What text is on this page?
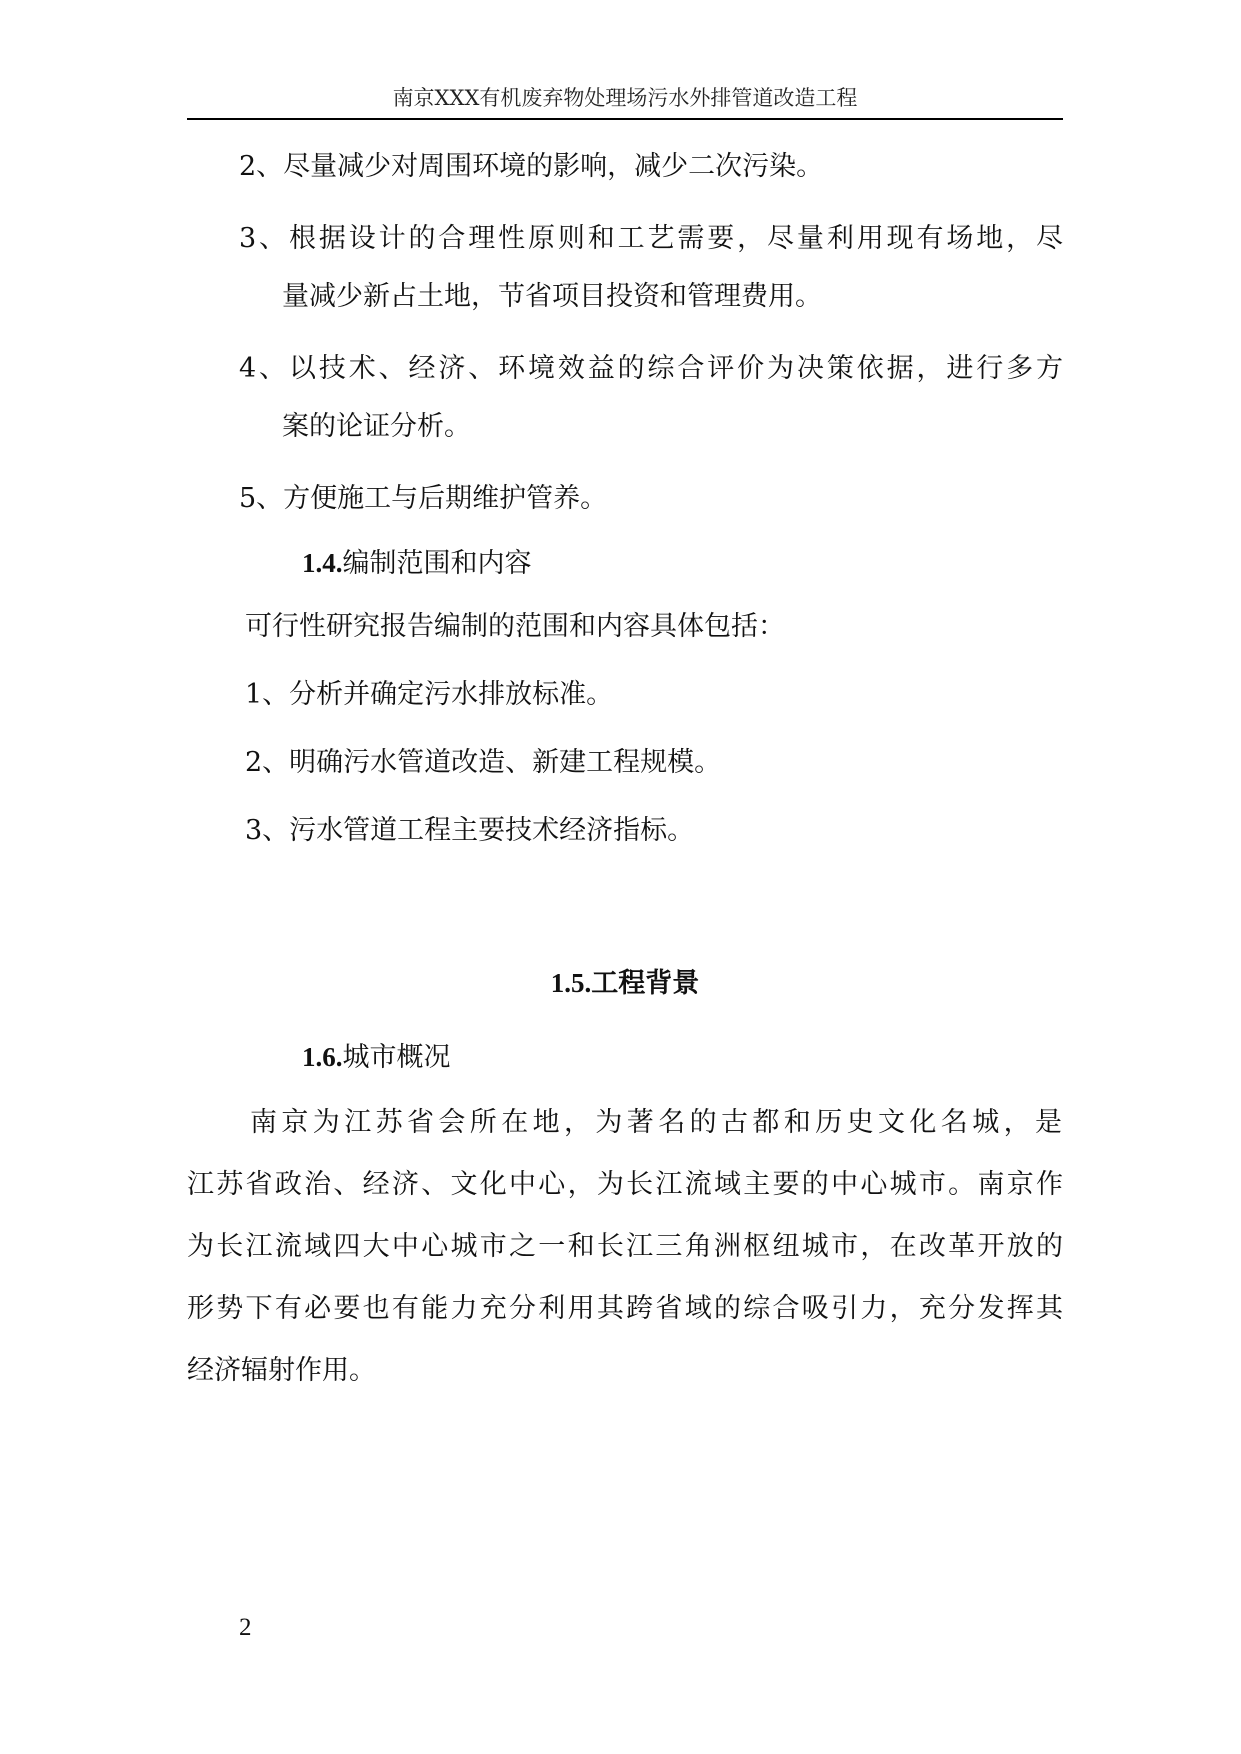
南京XXX有机废弃物处理场污水外排管道改造工程
2、尽量减少对周围环境的影响，减少二次污染。
3、根据设计的合理性原则和工艺需要，尽量利用现有场地，尽
量减少新占土地，节省项目投资和管理费用。
4、以技术、经济、环境效益的综合评价为决策依据，进行多方
案的论证分析。
5、方便施工与后期维护管养。
1.4.编制范围和内容
可行性研究报告编制的范围和内容具体包括：
1、分析并确定污水排放标准。
2、明确污水管道改造、新建工程规模。
3、污水管道工程主要技术经济指标。
1.5.工程背景
1.6.城市概况
南京为江苏省会所在地，为著名的古都和历史文化名城，是
江苏省政治、经济、文化中心，为长江流域主要的中心城市。南京作
为长江流域四大中心城市之一和长江三角洲枢纽城市，在改革开放的
形势下有必要也有能力充分利用其跨省域的综合吸引力，充分发挥其
经济辐射作用。
2
